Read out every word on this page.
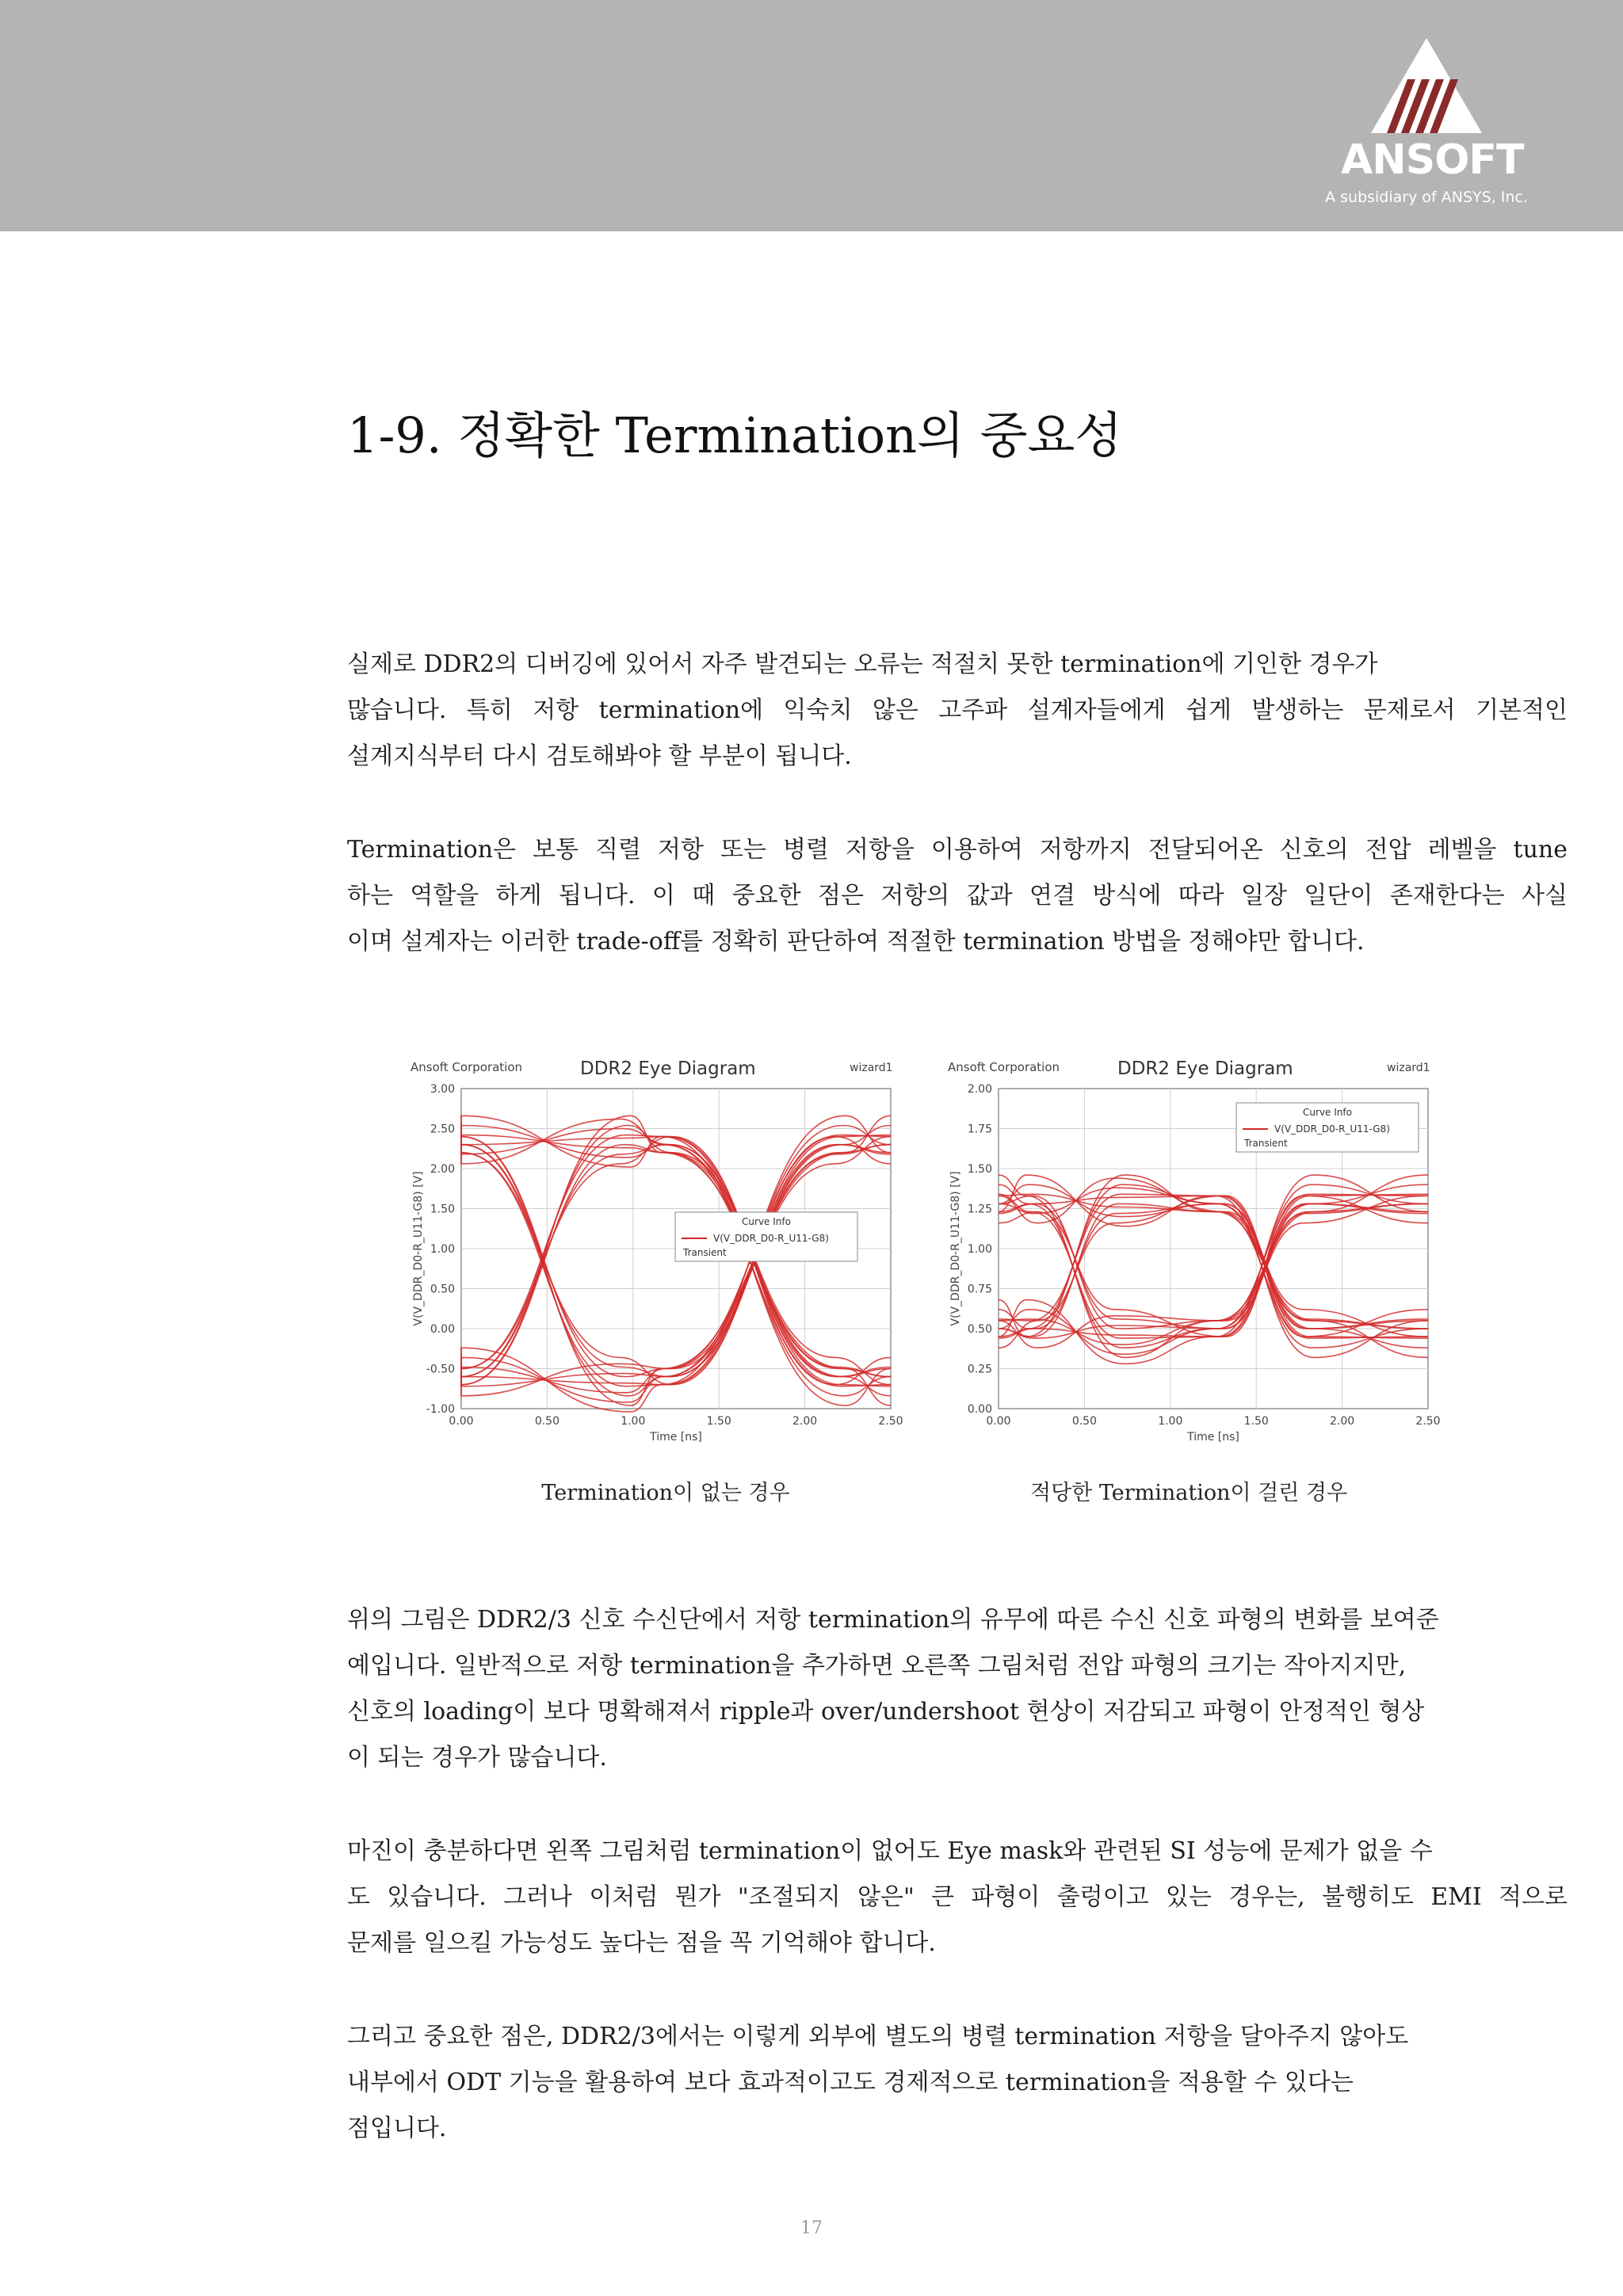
ANSOFT
A subsidiary of ANSYS, Inc.
1-9. 정확한 Termination의 중요성
실제로 DDR2의 디버깅에 있어서 자주 발견되는 오류는 적절치 못한 termination에 기인한 경우가
많습니다. 특히 저항 termination에 익숙치 않은 고주파 설계자들에게 쉽게 발생하는 문제로서 기본적인
설계지식부터 다시 검토해봐야 할 부분이 됩니다.
Termination은 보통 직렬 저항 또는 병렬 저항을 이용하여 저항까지 전달되어온 신호의 전압 레벨을 tune
하는 역할을 하게 됩니다. 이 때 중요한 점은 저항의 값과 연결 방식에 따라 일장 일단이 존재한다는 사실
이며 설계자는 이러한 trade-off를 정확히 판단하여 적절한 termination 방법을 정해야만 합니다.
Ansoft Corporation	DDR2 Eye Diagram	wizard1
0.00	0.50	1.00	1.50	2.00	2.50
-1.00
-0.50
0.00
0.50
1.00
1.50
2.00
2.50
3.00
Time [ns]
V(V_DDR_D0-R_U11-G8) [V]	Curve Info
V(V_DDR_D0-R_U11-G8)
Transient
Ansoft Corporation	DDR2 Eye Diagram	wizard1
0.00	0.50	1.00	1.50	2.00	2.50
0.00
0.25
0.50
0.75
1.00
1.25
1.50
1.75
2.00
Time [ns]
V(V_DDR_D0-R_U11-G8) [V]
Curve Info
V(V_DDR_D0-R_U11-G8)
Transient
Termination이 없는 경우	적당한 Termination이 걸린 경우
위의 그림은 DDR2/3 신호 수신단에서 저항 termination의 유무에 따른 수신 신호 파형의 변화를 보여준
예입니다. 일반적으로 저항 termination을 추가하면 오른쪽 그림처럼 전압 파형의 크기는 작아지지만,
신호의 loading이 보다 명확해져서 ripple과 over/undershoot 현상이 저감되고 파형이 안정적인 형상
이 되는 경우가 많습니다.
마진이 충분하다면 왼쪽 그림처럼 termination이 없어도 Eye mask와 관련된 SI 성능에 문제가 없을 수
도 있습니다. 그러나 이처럼 뭔가 "조절되지 않은" 큰 파형이 출렁이고 있는 경우는, 불행히도 EMI 적으로
문제를 일으킬 가능성도 높다는 점을 꼭 기억해야 합니다.
그리고 중요한 점은, DDR2/3에서는 이렇게 외부에 별도의 병렬 termination 저항을 달아주지 않아도
내부에서 ODT 기능을 활용하여 보다 효과적이고도 경제적으로 termination을 적용할 수 있다는
점입니다.
17
